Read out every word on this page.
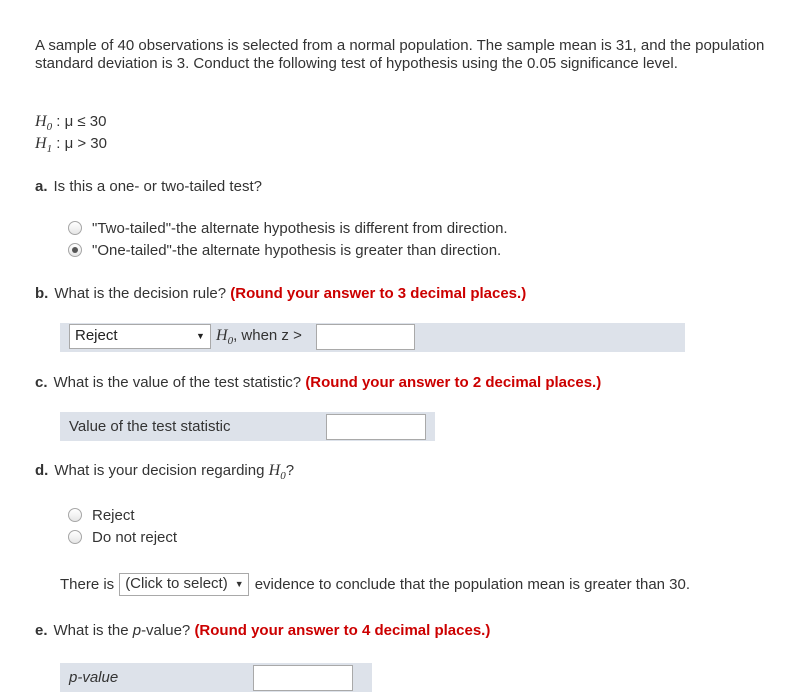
A sample of 40 observations is selected from a normal population. The sample mean is 31, and the population standard deviation is 3. Conduct the following test of hypothesis using the 0.05 significance level.
$H_0$ : μ ≤ 30
$H_1$ : μ > 30
a. Is this a one- or two-tailed test?
"Two-tailed"-the alternate hypothesis is different from direction.
"One-tailed"-the alternate hypothesis is greater than direction.
b. What is the decision rule? (Round your answer to 3 decimal places.)
Reject	▼ $H_0$, when z >
c. What is the value of the test statistic? (Round your answer to 2 decimal places.)
Value of the test statistic
d. What is your decision regarding $H_0$?
Reject
Do not reject
There is (Click to select) ▼ evidence to conclude that the population mean is greater than 30.
e. What is the p-value? (Round your answer to 4 decimal places.)
p-value
